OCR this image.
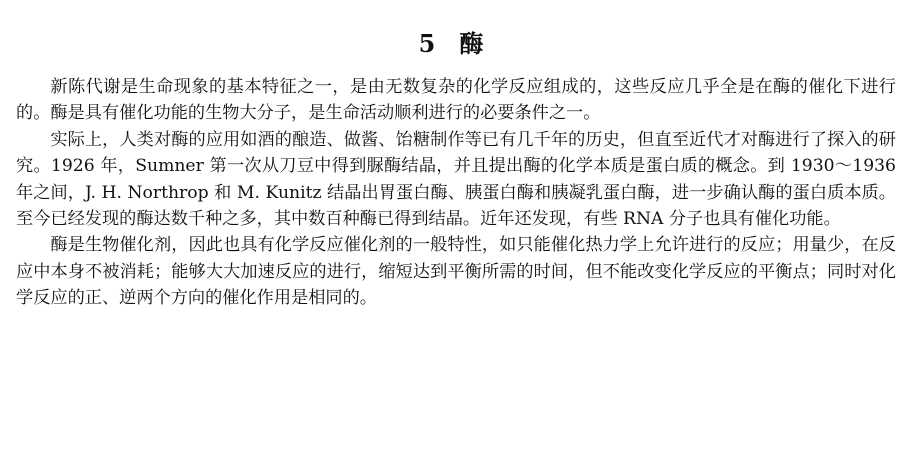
5 酶

新陈代谢是生命现象的基本特征之一，是由无数复杂的化学反应组成的，这些反应几乎全是在酶的催化下进行的。酶是具有催化功能的生物大分子，是生命活动顺利进行的必要条件之一。

实际上，人类对酶的应用如酒的酿造、做酱、饴糖制作等已有几千年的历史，但直至近代才对酶进行了探入的研究。1926 年，Sumner 第一次从刀豆中得到脲酶结晶，并且提出酶的化学本质是蛋白质的概念。到 1930～1936 年之间，J. H. Northrop 和 M. Kunitz 结晶出胃蛋白酶、胰蛋白酶和胰凝乳蛋白酶，进一步确认酶的蛋白质本质。至今已经发现的酶达数千种之多，其中数百种酶已得到结晶。近年还发现，有些 RNA 分子也具有催化功能。

酶是生物催化剂，因此也具有化学反应催化剂的一般特性，如只能催化热力学上允许进行的反应；用量少，在反应中本身不被消耗；能够大大加速反应的进行，缩短达到平衡所需的时间，但不能改变化学反应的平衡点；同时对化学反应的正、逆两个方向的催化作用是相同的。
